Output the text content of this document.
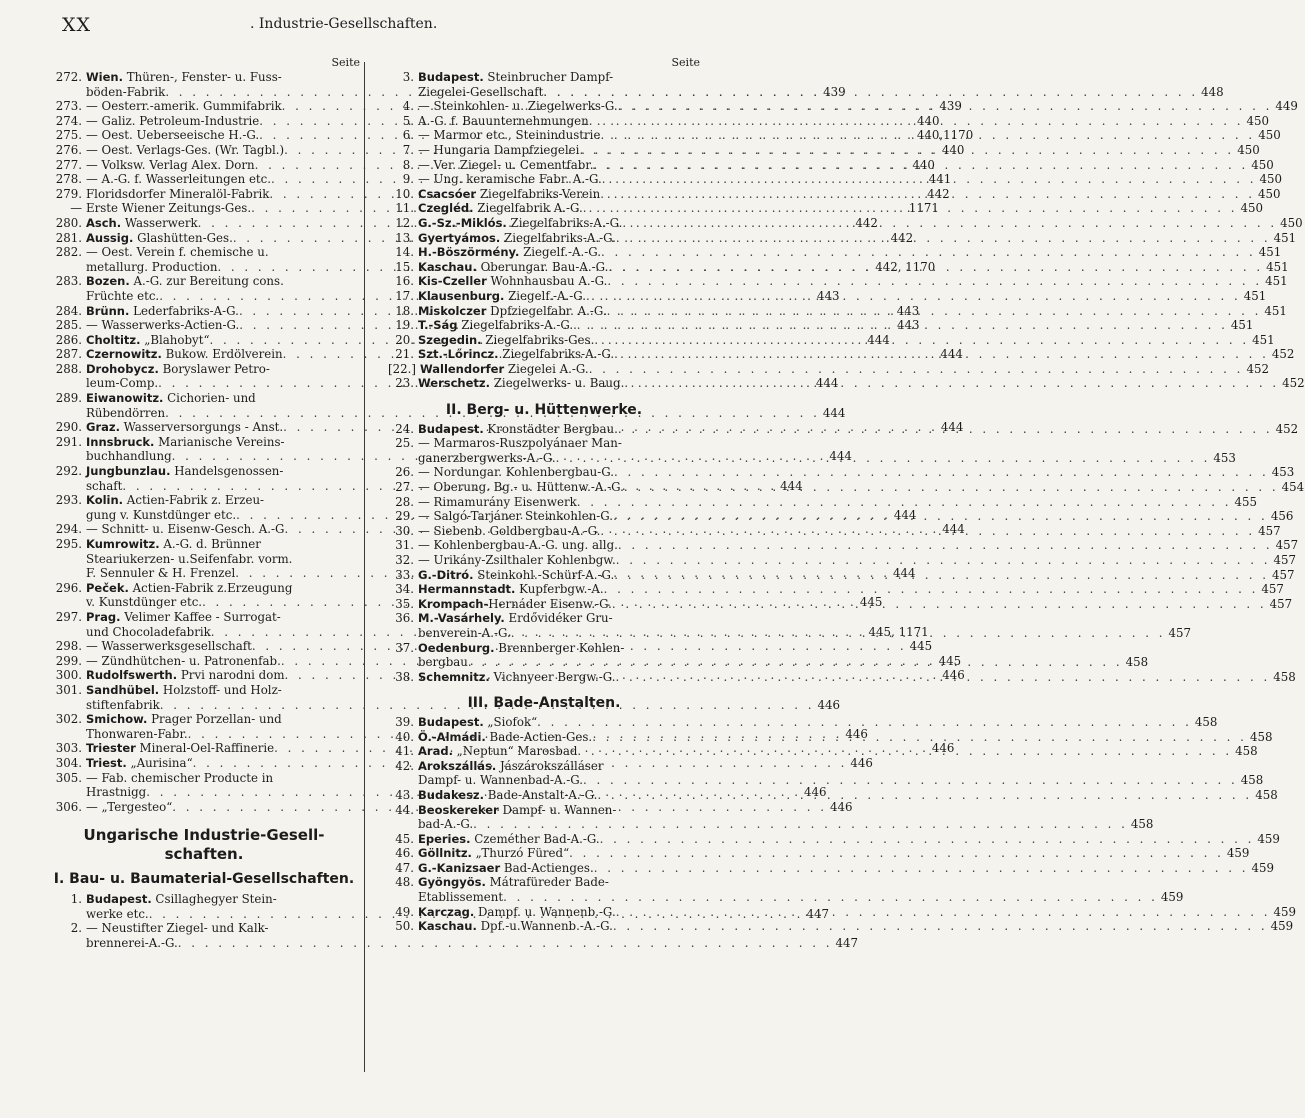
XX	. Industrie-Gesellschaften.
Seite
272. Wien. Thüren-, Fenster- u. Fuss-
böden-Fabrik . . .	439
273. — Oesterr.-amerik. Gummifabrik . . .	439
274. — Galiz. Petroleum-Industrie . . .	440
275. — Oest. Ueberseeische H.-G. . . .	440,1170
276. — Oest. Verlags-Ges. (Wr. Tagbl.) . . .	440
277. — Volksw. Verlag Alex. Dorn . . .	440
278. — A.-G. f. Wasserleitungen etc. . . .	441
279. Floridsdorfer Mineralöl-Fabrik . . .	442
— Erste Wiener Zeitungs-Ges. . . .	1171
280. Asch. Wasserwerk . . .	442
281. Aussig. Glashütten-Ges. . . .	442
282. — Oest. Verein f. chemische u.
metallurg. Production . . .	442, 1170
283. Bozen. A.-G. zur Bereitung cons.
Früchte etc. . . .	443
284. Brünn. Lederfabriks-A-G. . . .	443
285. — Wasserwerks-Actien-G. . . .	443
286. Choltitz. „Blahobyt“ . . .	444
287. Czernowitz. Bukow. Erdölverein . . .	444
288. Drohobycz. Boryslawer Petro-
leum-Comp. . . .	444
289. Eiwanowitz. Cichorien- und
Rübendörren . . .	444
290. Graz. Wasserversorgungs - Anst. . . .	444
291. Innsbruck. Marianische Vereins-
buchhandlung . . .	444
292. Jungbunzlau. Handelsgenossen-
schaft . . .	444
293. Kolin. Actien-Fabrik z. Erzeu-
gung v. Kunstdünger etc. . . .	444
294. — Schnitt- u. Eisenw-Gesch. A.-G . . .	444
295. Kumrowitz. A.-G. d. Brünner
Steariukerzen- u.Seifenfabr. vorm.
F. Sennuler & H. Frenzel . . .	444
296. Peček. Actien-Fabrik z.Erzeugung
v. Kunstdünger etc. . . .	445
297. Prag. Velimer Kaffee - Surrogat-
und Chocoladefabrik . . .	445, 1171
298. — Wasserwerksgesellschaft . . .	445
299. — Zündhütchen- u. Patronenfab. . . .	445
300. Rudolfswerth. Prvi narodni dom . . .	446
301. Sandhübel. Holzstoff- und Holz-
stiftenfabrik . . .	446
302. Smichow. Prager Porzellan- und
Thonwaren-Fabr. . . .	446
303. Triester Mineral-Oel-Raffinerie . . .	446
304. Triest. „Aurisina“ . . .	446
305. — Fab. chemischer Producte in
Hrastnigg . . .	446
306. — „Tergesteo“ . . .	446
Ungarische Industrie-Gesell-schaften.
I. Bau- u. Baumaterial-Gesellschaften.
1. Budapest. Csillaghegyer Stein-
werke etc. . . .	447
2. — Neustifter Ziegel- und Kalk-
brennerei-A.-G. . . .	447
Seite
3. Budapest. Steinbrucher Dampf-
Ziegelei-Gesellschaft . . .	448
4. — Steinkohlen- u. Ziegelwerks-G. . . .	449
5. A.-G. f. Bauunternehmungen . . .	450
6. — Marmor etc., Steinindustrie . . .	450
7. — Hungaria Dampfziegelei . . .	450
8. — Ver. Ziegel- u. Cementfabr. . . .	450
9. — Ung. keramische Fabr. A.-G. . . .	450
10. Csacsóer Ziegelfabriks-Verein . . .	450
11. Czegléd. Ziegelfabrik A.-G. . . .	450
12. G.-Sz.-Miklós. Ziegelfabriks-A.-G. . . .	450
13. Gyertyámos. Ziegelfabriks-A.-G. . . .	451
14. H.-Böszörmény. Ziegelf.-A.-G. . . .	451
15. Kaschau. Oberungar. Bau-A.-G. . . .	451
16. Kis-Czeller Wohnhausbau A.-G. . . .	451
17. Klausenburg. Ziegelf.-A.-G. . . .	451
18. Miskolczer Dpfziegelfabr. A.-G. . . .	451
19. T.-Ság Ziegelfabriks-A.-G. . . .	451
20. Szegedin. Ziegelfabriks-Ges. . . .	451
21. Szt.-Lőrincz. Ziegelfabriks-A.-G. . . .	452
[22.] Wallendorfer Ziegelei A.-G. . . .	452
23. Werschetz. Ziegelwerks- u. Baug. . . .	452
II. Berg- u. Hüttenwerke.
24. Budapest. Kronstädter Bergbau. . . .	452
25. — Marmaros-Ruszpolyánaer Man-
ganerzbergwerks-A.-G. . . .	453
26. — Nordungar. Kohlenbergbau-G. . . .	453
27. — Oberung. Bg.- u. Hüttenw.-A.-G. . . .	454
28. — Rimamurány Eisenwerk . . .	455
29. — Salgó-Tarjáner Steinkohlen-G. . . .	456
30. — Siebenb. Goldbergbau-A.-G. . . .	457
31. — Kohlenbergbau-A.-G. ung. allg. . . .	457
32. — Urikány-Zsilthaler Kohlenbgw. . . .	457
33. G.-Ditró. Steinkohl.-Schürf-A.-G. . . .	457
34. Hermannstadt. Kupferbgw.-A. . . .	457
35. Krompach-Hernáder Eisenw.-G. . . .	457
36. M.-Vasárhely. Erdővidéker Gru-
benverein-A.-G. . . .	457
37. Oedenburg. Brennberger Kohlen-
bergbau . . .	458
38. Schemnitz. Vichnyeer Bergw.-G. . . .	458
III. Bade-Anstalten.
39. Budapest. „Siofok“ . . .	458
40. Ö.-Almádi. Bade-Actien-Ges. . . .	458
41. Arad. „Neptun“ Marosbad . . .	458
42. Arokszállás. Jászárokszálláser
Dampf- u. Wannenbad-A.-G. . . .	458
43. Budakesz. Bade-Anstalt-A.-G. . . .	458
44. Beoskereker Dampf- u. Wannen-
bad-A.-G. . . .	458
45. Eperies. Czeméther Bad-A.-G. . . .	459
46. Göllnitz. „Thurzó Füred“ . . .	459
47. G.-Kanizsaer Bad-Actienges. . . .	459
48. Gyöngyös. Mátrafüreder Bade-
Etablissement . . .	459
49. Karczag. Dampf. u. Wannenb.-G. . . .	459
50. Kaschau. Dpf.-u.Wannenb.-A.-G. . . .	459
